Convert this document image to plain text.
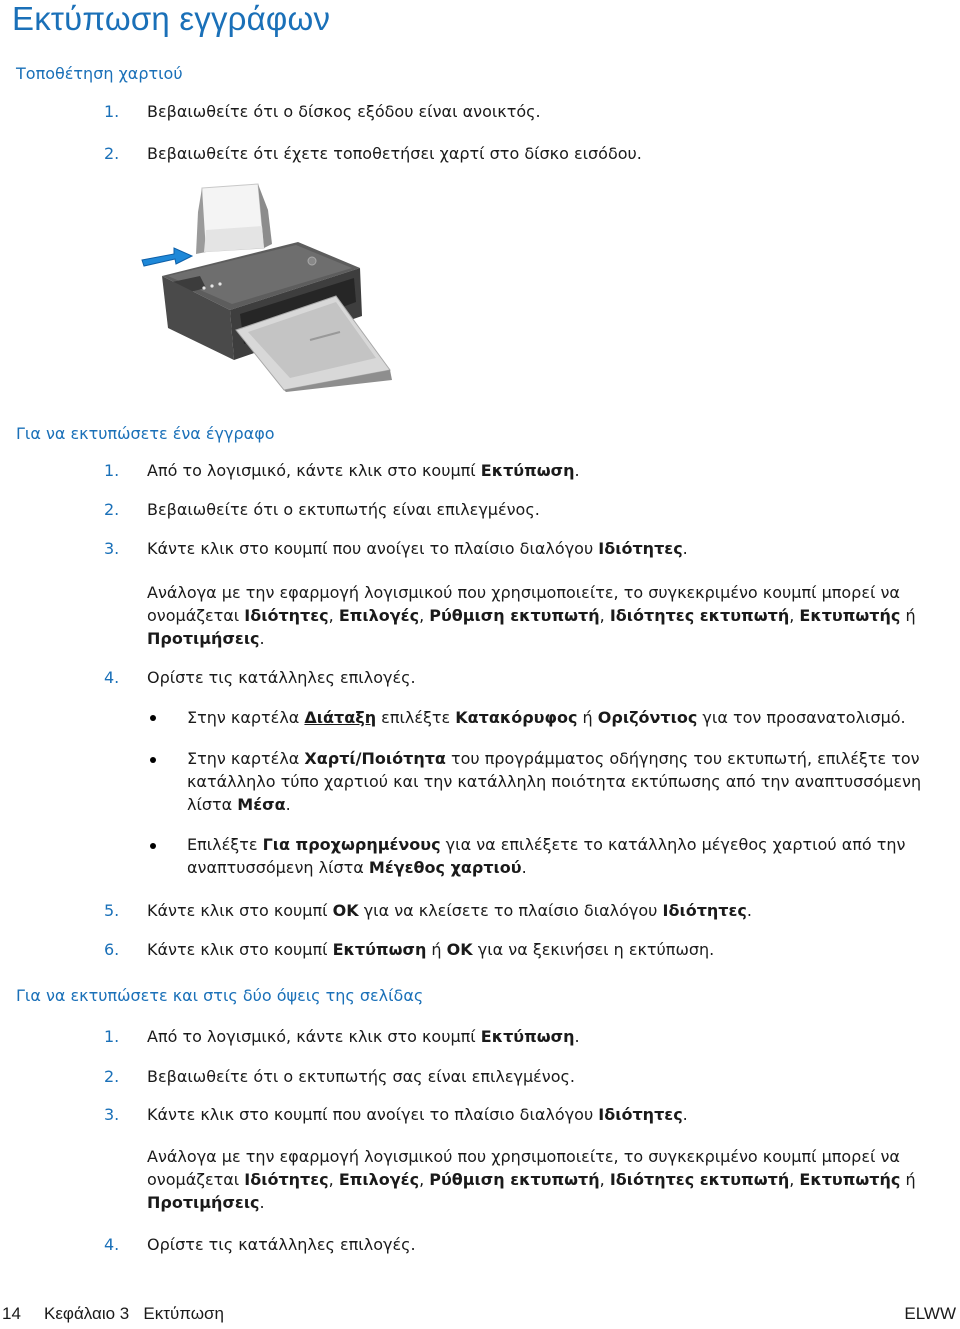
Εκτύπωση εγγράφων
Τοποθέτηση χαρτιού
1. Βεβαιωθείτε ότι ο δίσκος εξόδου είναι ανοικτός.
2. Βεβαιωθείτε ότι έχετε τοποθετήσει χαρτί στο δίσκο εισόδου.
Για να εκτυπώσετε ένα έγγραφο
1. Από το λογισμικό, κάντε κλικ στο κουμπί Εκτύπωση.
2. Βεβαιωθείτε ότι ο εκτυπωτής είναι επιλεγμένος.
3. Κάντε κλικ στο κουμπί που ανοίγει το πλαίσιο διαλόγου Ιδιότητες.
Ανάλογα με την εφαρμογή λογισμικού που χρησιμοποιείτε, το συγκεκριμένο κουμπί μπορεί να ονομάζεται Ιδιότητες, Επιλογές, Ρύθμιση εκτυπωτή, Ιδιότητες εκτυπωτή, Εκτυπωτής ή Προτιμήσεις.
4. Ορίστε τις κατάλληλες επιλογές.
Στην καρτέλα Διάταξη επιλέξτε Κατακόρυφος ή Οριζόντιος για τον προσανατολισμό.
Στην καρτέλα Χαρτί/Ποιότητα του προγράμματος οδήγησης του εκτυπωτή, επιλέξτε τον κατάλληλο τύπο χαρτιού και την κατάλληλη ποιότητα εκτύπωσης από την αναπτυσσόμενη λίστα Μέσα.
Επιλέξτε Για προχωρημένους για να επιλέξετε το κατάλληλο μέγεθος χαρτιού από την αναπτυσσόμενη λίστα Μέγεθος χαρτιού.
5. Κάντε κλικ στο κουμπί OK για να κλείσετε το πλαίσιο διαλόγου Ιδιότητες.
6. Κάντε κλικ στο κουμπί Εκτύπωση ή OK για να ξεκινήσει η εκτύπωση.
Για να εκτυπώσετε και στις δύο όψεις της σελίδας
1. Από το λογισμικό, κάντε κλικ στο κουμπί Εκτύπωση.
2. Βεβαιωθείτε ότι ο εκτυπωτής σας είναι επιλεγμένος.
3. Κάντε κλικ στο κουμπί που ανοίγει το πλαίσιο διαλόγου Ιδιότητες.
Ανάλογα με την εφαρμογή λογισμικού που χρησιμοποιείτε, το συγκεκριμένο κουμπί μπορεί να ονομάζεται Ιδιότητες, Επιλογές, Ρύθμιση εκτυπωτή, Ιδιότητες εκτυπωτή, Εκτυπωτής ή Προτιμήσεις.
4. Ορίστε τις κατάλληλες επιλογές.
14 Κεφάλαιο 3   Εκτύπωση	ELWW
